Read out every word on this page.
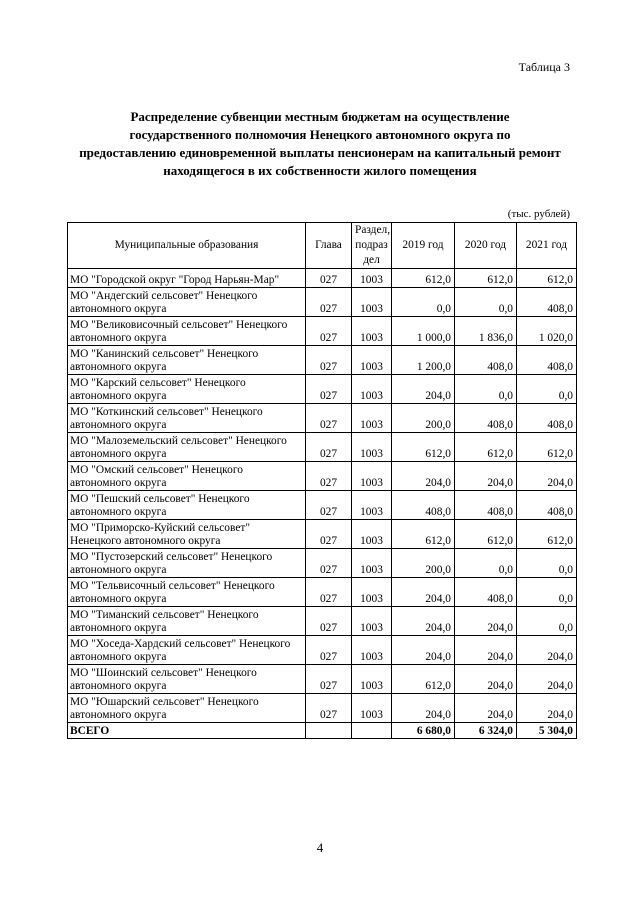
Таблица 3
Распределение субвенции местным бюджетам на осуществление
государственного полномочия Ненецкого автономного округа по
предоставлению единовременной выплаты пенсионерам на капитальный ремонт
находящегося в их собственности жилого помещения
(тыс. рублей)
Муниципальные образования	Глава	Раздел, подраз дел	2019 год	2020 год	2021 год
МО "Городской округ "Город Нарьян-Мар"	027	1003	612,0	612,0	612,0
МО "Андегский сельсовет" Ненецкого автономного округа	027	1003	0,0	0,0	408,0
МО "Великовисочный сельсовет" Ненецкого автономного округа	027	1003	1 000,0	1 836,0	1 020,0
МО "Канинский сельсовет" Ненецкого автономного округа	027	1003	1 200,0	408,0	408,0
МО "Карский сельсовет" Ненецкого автономного округа	027	1003	204,0	0,0	0,0
МО "Коткинский сельсовет" Ненецкого автономного округа	027	1003	200,0	408,0	408,0
МО "Малоземельский сельсовет" Ненецкого автономного округа	027	1003	612,0	612,0	612,0
МО "Омский сельсовет" Ненецкого автономного округа	027	1003	204,0	204,0	204,0
МО "Пешский сельсовет" Ненецкого автономного округа	027	1003	408,0	408,0	408,0
МО "Приморско-Куйский сельсовет" Ненецкого автономного округа	027	1003	612,0	612,0	612,0
МО "Пустозерский сельсовет" Ненецкого автономного округа	027	1003	200,0	0,0	0,0
МО "Тельвисочный сельсовет" Ненецкого автономного округа	027	1003	204,0	408,0	0,0
МО "Тиманский сельсовет" Ненецкого автономного округа	027	1003	204,0	204,0	0,0
МО "Хоседа-Хардский сельсовет" Ненецкого автономного округа	027	1003	204,0	204,0	204,0
МО "Шоинский сельсовет" Ненецкого автономного округа	027	1003	612,0	204,0	204,0
МО "Юшарский сельсовет" Ненецкого автономного округа	027	1003	204,0	204,0	204,0
ВСЕГО			6 680,0	6 324,0	5 304,0
4
